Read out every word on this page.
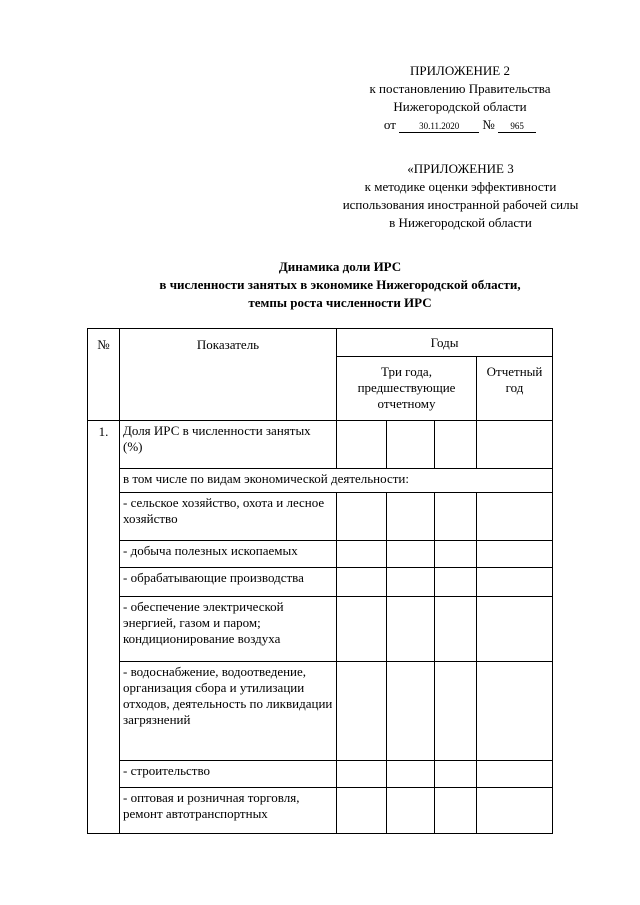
ПРИЛОЖЕНИЕ 2
к постановлению Правительства
Нижегородской области
от	30.11.2020 № 965
«ПРИЛОЖЕНИЕ 3
к методике оценки эффективности
использования иностранной рабочей силы
в Нижегородской области
Динамика доли ИРС
в численности занятых в экономике Нижегородской области,
темпы роста численности ИРС
№	Показатель	Годы			
		Три года, предшествующие отчетному			Отчетный год
1.	Доля ИРС в численности занятых (%)				
	в том числе по видам экономической деятельности:				
	- сельское хозяйство, охота и лесное хозяйство				
	- добыча полезных ископаемых				
	- обрабатывающие производства				
	- обеспечение электрической энергией, газом и паром; кондиционирование воздуха				
	- водоснабжение, водоотведение, организация сбора и утилизации отходов, деятельность по ликвидации загрязнений				
	- строительство				
	- оптовая и розничная торговля, ремонт автотранспортных				
